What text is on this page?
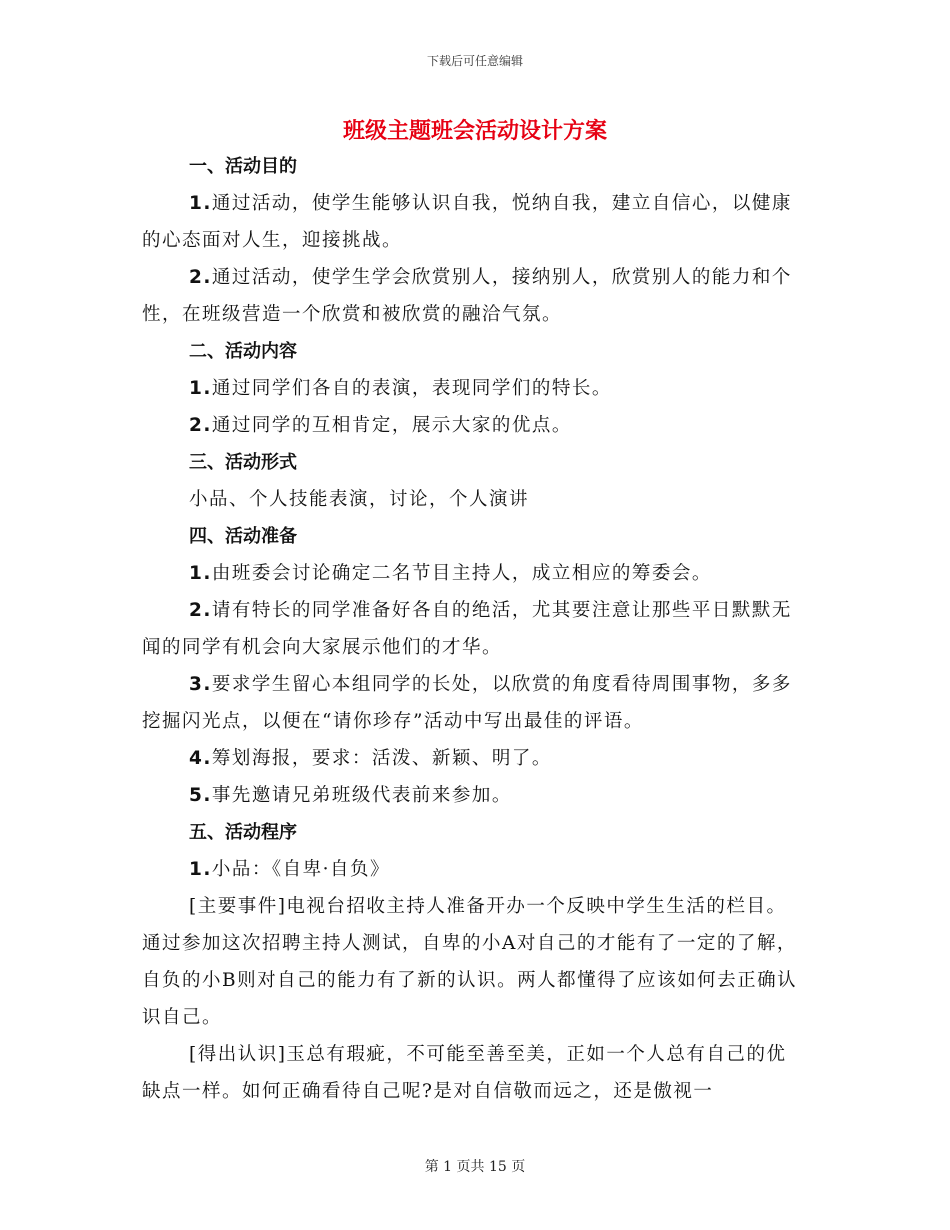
下载后可任意编辑
班级主题班会活动设计方案

一、活动目的

1.通过活动，使学生能够认识自我，悦纳自我，建立自信心，以健康的心态面对人生，迎接挑战。

2.通过活动，使学生学会欣赏别人，接纳别人，欣赏别人的能力和个性，在班级营造一个欣赏和被欣赏的融洽气氛。

二、活动内容

1.通过同学们各自的表演，表现同学们的特长。

2.通过同学的互相肯定，展示大家的优点。

三、活动形式

小品、个人技能表演，讨论，个人演讲

四、活动准备

1.由班委会讨论确定二名节目主持人，成立相应的筹委会。

2.请有特长的同学准备好各自的绝活，尤其要注意让那些平日默默无闻的同学有机会向大家展示他们的才华。

3.要求学生留心本组同学的长处，以欣赏的角度看待周围事物，多多挖掘闪光点，以便在“请你珍存”活动中写出最佳的评语。

4.筹划海报，要求：活泼、新颖、明了。

5.事先邀请兄弟班级代表前来参加。

五、活动程序

1.小品：《自卑·自负》

[主要事件]电视台招收主持人准备开办一个反映中学生生活的栏目。通过参加这次招聘主持人测试，自卑的小A对自己的才能有了一定的了解，自负的小B则对自己的能力有了新的认识。两人都懂得了应该如何去正确认识自己。

[得出认识]玉总有瑕疵，不可能至善至美，正如一个人总有自己的优缺点一样。如何正确看待自己呢?是对自信敬而远之，还是傲视一

第 1 页共 15 页
